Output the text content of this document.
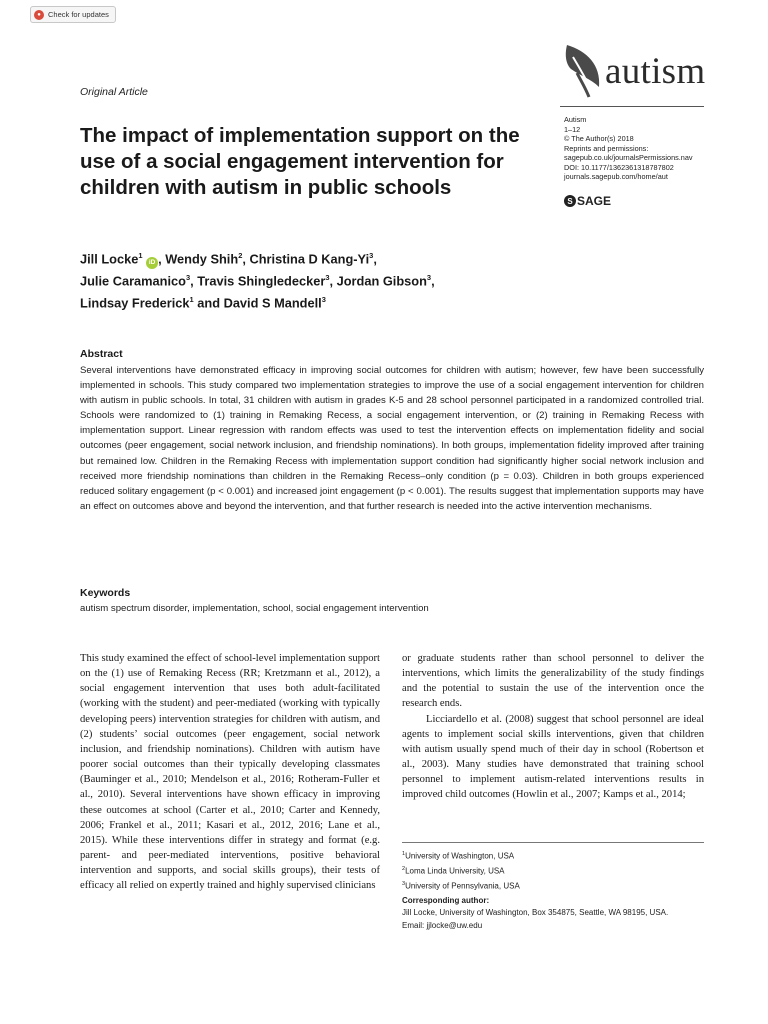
● Check for updates
autism
Original Article
The impact of implementation support on the use of a social engagement intervention for children with autism in public schools
Autism
1–12
© The Author(s) 2018
Reprints and permissions:
sagepub.co.uk/journalsPermissions.nav
DOI: 10.1177/1362361318787802
journals.sagepub.com/home/aut
S SAGE
Jill Locke$^1$ iD , Wendy Shih$^2$, Christina D Kang-Yi$^3$,
Julie Caramanico$^3$, Travis Shingledecker$^3$, Jordan Gibson$^3$,
Lindsay Frederick$^1$ and David S Mandell$^3$
Abstract

Several interventions have demonstrated efficacy in improving social outcomes for children with autism; however, few have been successfully implemented in schools. This study compared two implementation strategies to improve the use of a social engagement intervention for children with autism in public schools. In total, 31 children with autism in grades K-5 and 28 school personnel participated in a randomized controlled trial. Schools were randomized to (1) training in Remaking Recess, a social engagement intervention, or (2) training in Remaking Recess with implementation support. Linear regression with random effects was used to test the intervention effects on implementation fidelity and social outcomes (peer engagement, social network inclusion, and friendship nominations). In both groups, implementation fidelity improved after training but remained low. Children in the Remaking Recess with implementation support condition had significantly higher social network inclusion and received more friendship nominations than children in the Remaking Recess–only condition (p = 0.03). Children in both groups experienced reduced solitary engagement (p < 0.001) and increased joint engagement (p < 0.001). The results suggest that implementation supports may have an effect on outcomes above and beyond the intervention, and that further research is needed into the active intervention mechanisms.

Keywords
autism spectrum disorder, implementation, school, social engagement intervention

This study examined the effect of school-level implementation support on the (1) use of Remaking Recess (RR; Kretzmann et al., 2012), a social engagement intervention that uses both adult-facilitated (working with the student) and peer-mediated (working with typically developing peers) intervention strategies for children with autism, and (2) students’ social outcomes (peer engagement, social network inclusion, and friendship nominations). Children with autism have poorer social outcomes than their typically developing classmates (Bauminger et al., 2010; Mendelson et al., 2016; Rotheram-Fuller et al., 2010). Several interventions have shown efficacy in improving these outcomes at school (Carter et al., 2010; Carter and Kennedy, 2006; Frankel et al., 2011; Kasari et al., 2012, 2016; Lane et al., 2015). While these interventions differ in strategy and format (e.g. parent- and peer-mediated interventions, positive behavioral intervention and supports, and social skills groups), their tests of efficacy all relied on expertly trained and highly supervised clinicians

or graduate students rather than school personnel to deliver the interventions, which limits the generalizability of the study findings and the potential to sustain the use of the intervention once the research ends.

Licciardello et al. (2008) suggest that school personnel are ideal agents to implement social skills interventions, given that children with autism usually spend much of their day in school (Robertson et al., 2003). Many studies have demonstrated that training school personnel to implement autism-related interventions results in improved child outcomes (Howlin et al., 2007; Kamps et al., 2014;

$^1$University of Washington, USA
$^2$Loma Linda University, USA
$^3$University of Pennsylvania, USA
Corresponding author:
Jill Locke, University of Washington, Box 354875, Seattle, WA 98195, USA.
Email: jjlocke@uw.edu
